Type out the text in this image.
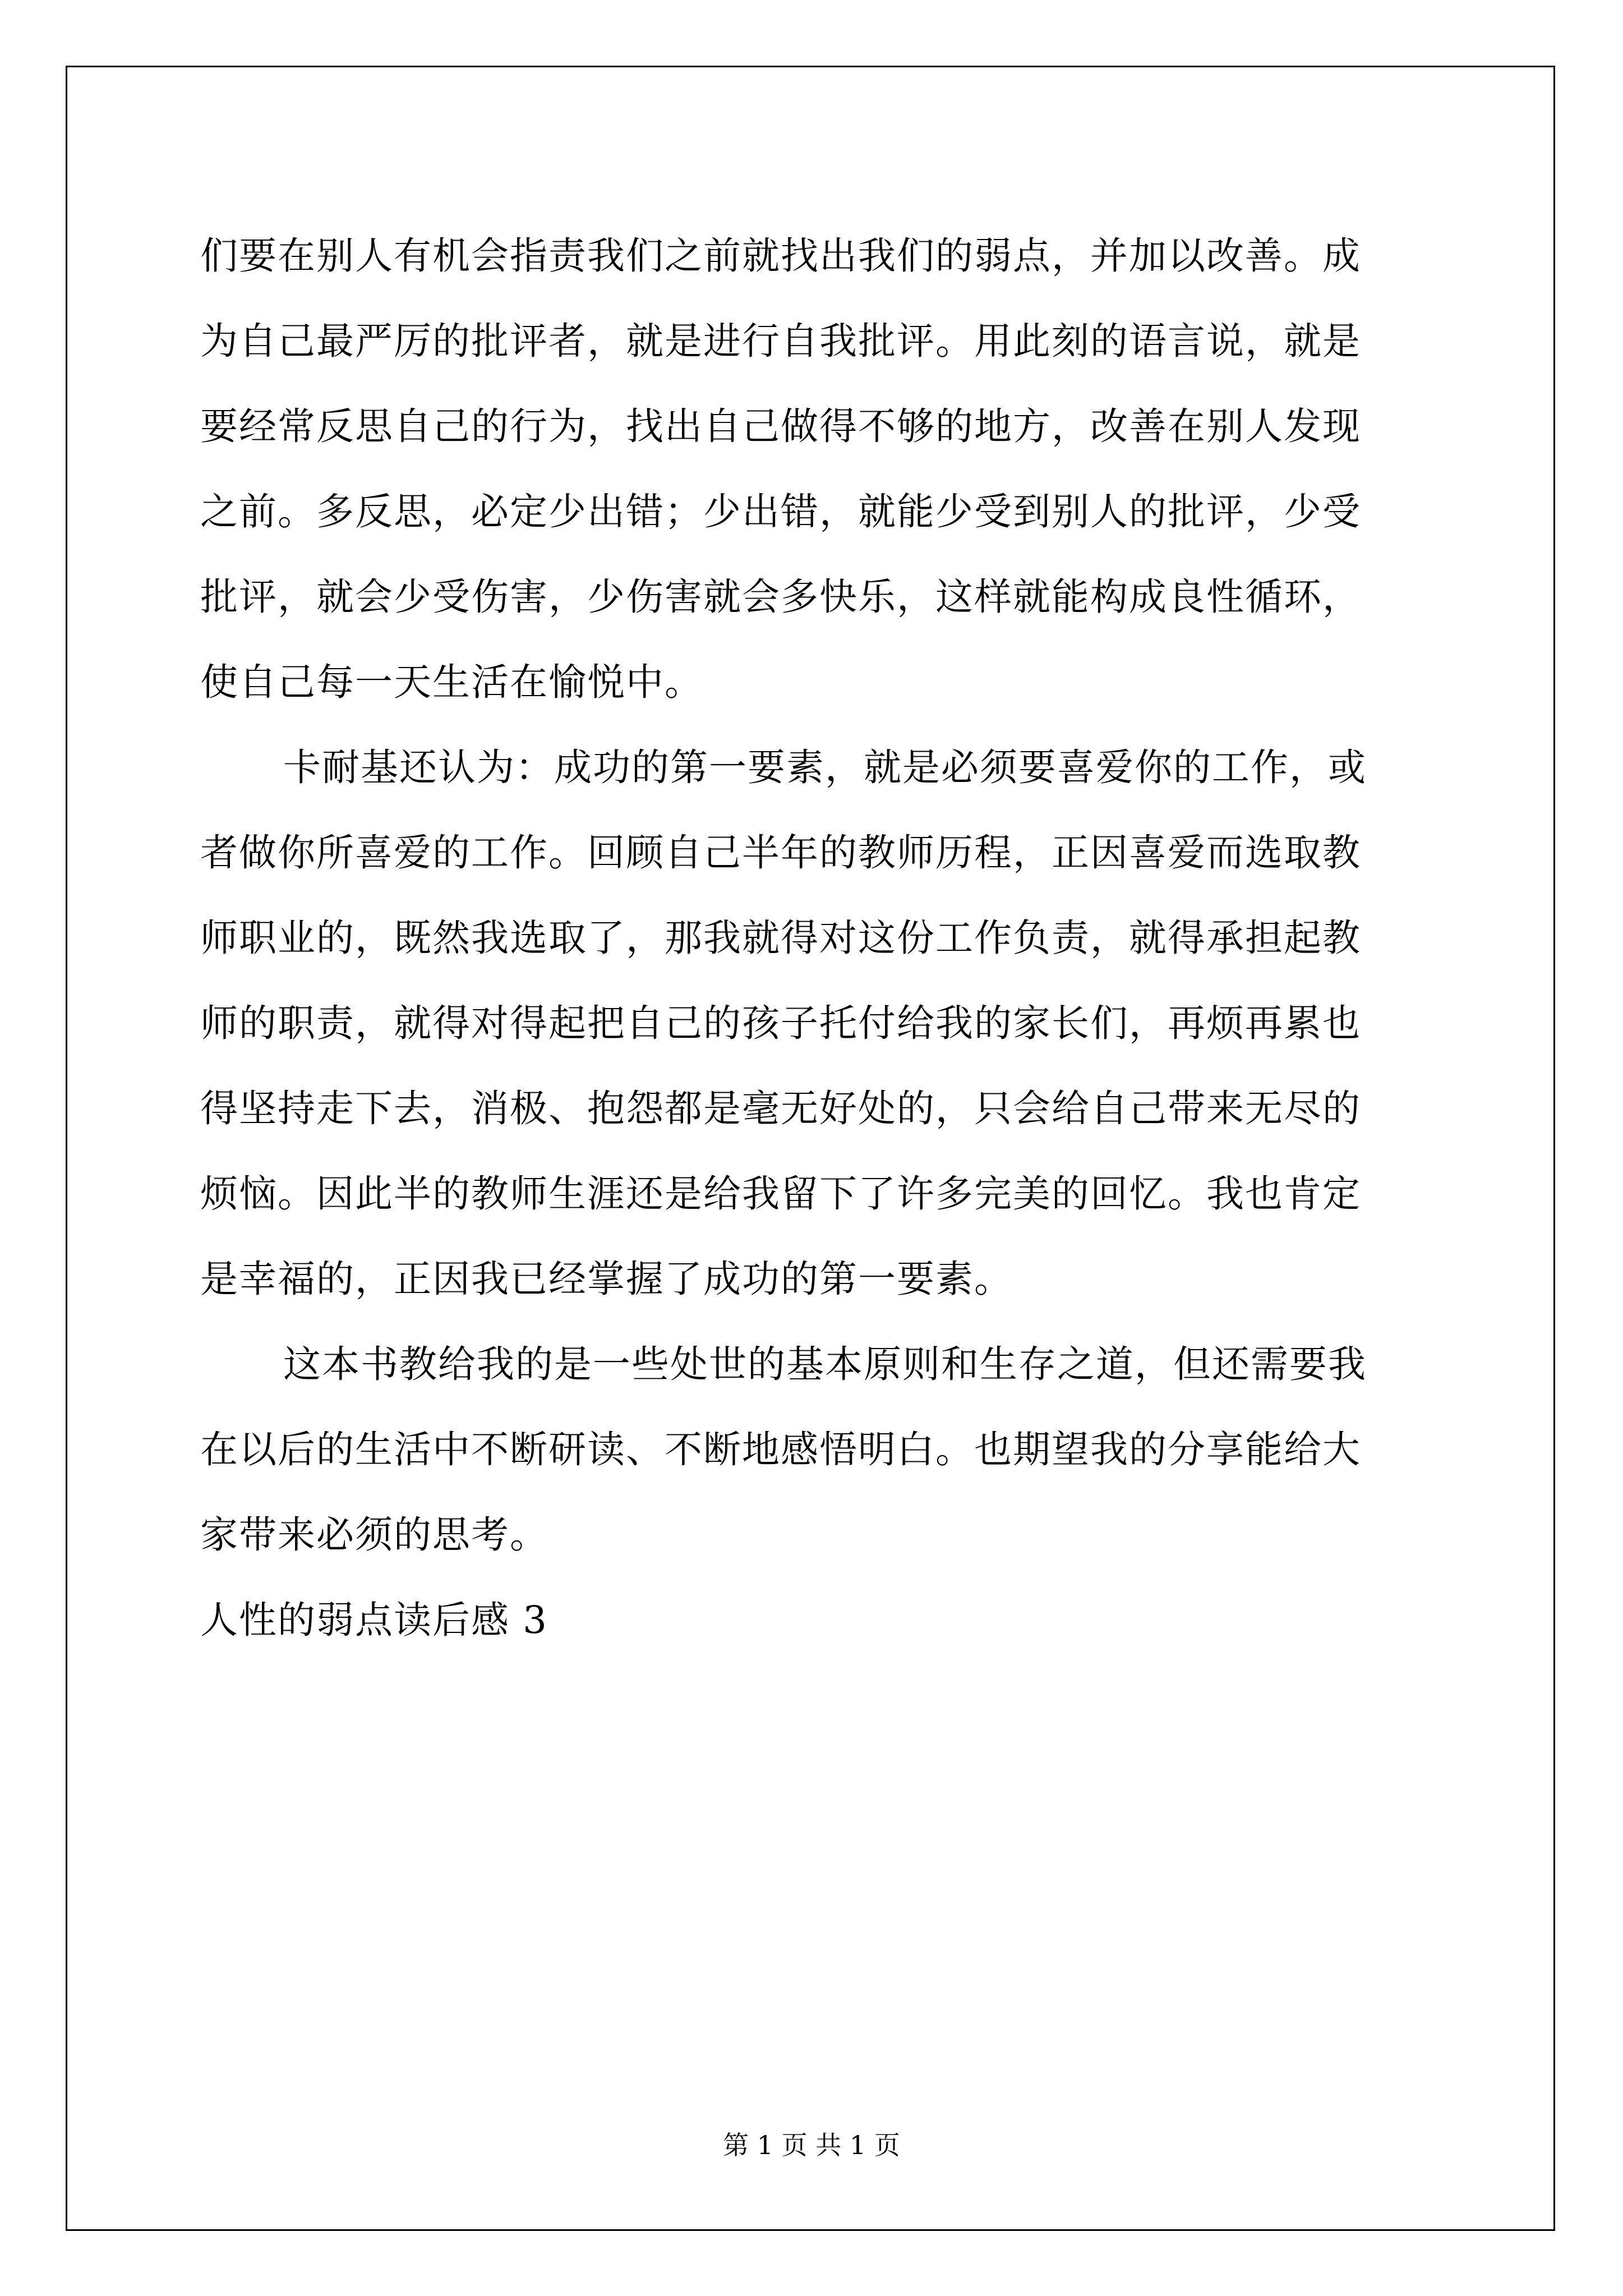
们要在别人有机会指责我们之前就找出我们的弱点，并加以改善。成
为自己最严厉的批评者，就是进行自我批评。用此刻的语言说，就是
要经常反思自己的行为，找出自己做得不够的地方，改善在别人发现
之前。多反思，必定少出错；少出错，就能少受到别人的批评，少受
批评，就会少受伤害，少伤害就会多快乐，这样就能构成良性循环，
使自己每一天生活在愉悦中。
卡耐基还认为：成功的第一要素，就是必须要喜爱你的工作，或
者做你所喜爱的工作。回顾自己半年的教师历程，正因喜爱而选取教
师职业的，既然我选取了，那我就得对这份工作负责，就得承担起教
师的职责，就得对得起把自己的孩子托付给我的家长们，再烦再累也
得坚持走下去，消极、抱怨都是毫无好处的，只会给自己带来无尽的
烦恼。因此半的教师生涯还是给我留下了许多完美的回忆。我也肯定
是幸福的，正因我已经掌握了成功的第一要素。
这本书教给我的是一些处世的基本原则和生存之道，但还需要我
在以后的生活中不断研读、不断地感悟明白。也期望我的分享能给大
家带来必须的思考。
人性的弱点读后感 3
第 1 页 共 1 页
